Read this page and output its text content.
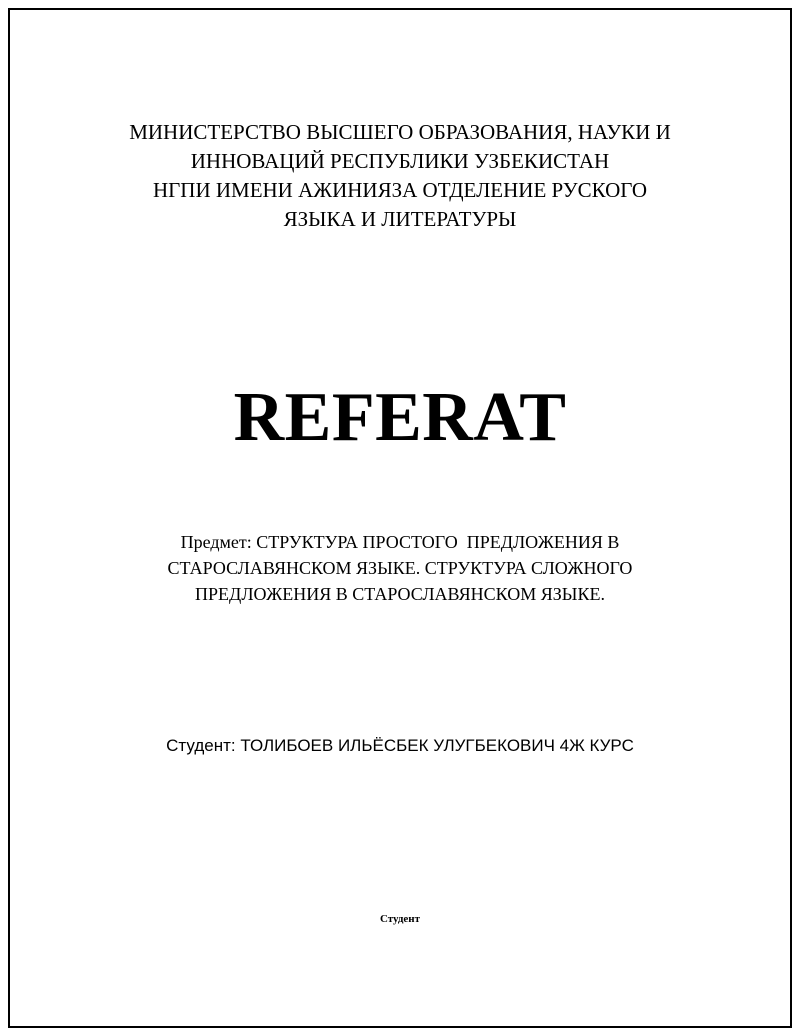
МИНИСТЕРСТВО ВЫСШЕГО ОБРАЗОВАНИЯ, НАУКИ И
ИННОВАЦИЙ РЕСПУБЛИКИ УЗБЕКИСТАН
НГПИ ИМЕНИ АЖИНИЯЗА ОТДЕЛЕНИЕ РУСКОГО
ЯЗЫКА И ЛИТЕРАТУРЫ
REFERAT
Предмет: СТРУКТУРА ПРОСТОГО  ПРЕДЛОЖЕНИЯ В
СТАРОСЛАВЯНСКОМ ЯЗЫКЕ. СТРУКТУРА СЛОЖНОГО
ПРЕДЛОЖЕНИЯ В СТАРОСЛАВЯНСКОМ ЯЗЫКЕ.
Студент: ТОЛИБОЕВ ИЛЬЁСБЕК УЛУГБЕКОВИЧ 4Ж КУРС
Студент
